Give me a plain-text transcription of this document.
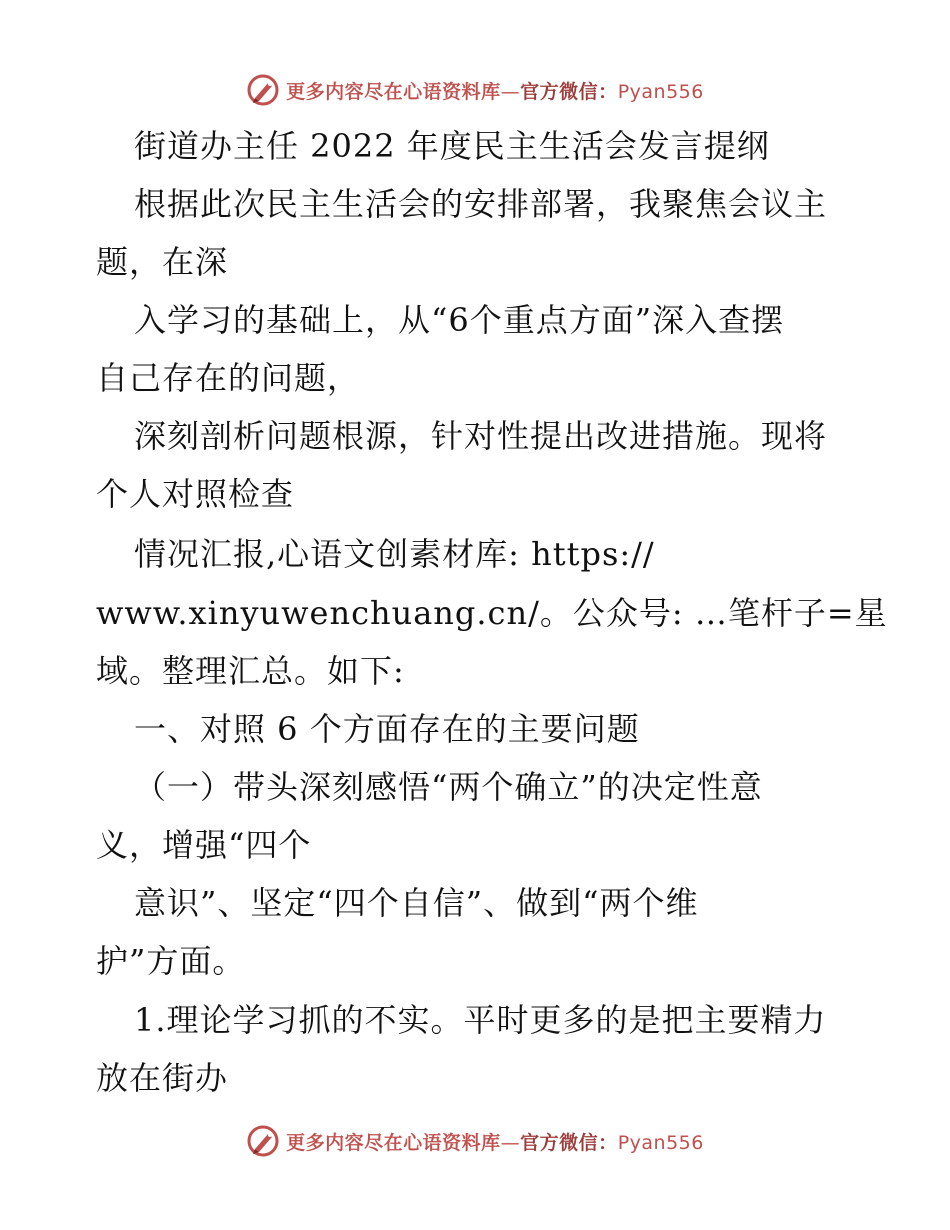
更多内容尽在心语资料库—官方微信：Pyan556
街道办主任 2022 年度民主生活会发言提纲
根据此次民主生活会的安排部署，我聚焦会议主
题，在深
入学习的基础上，从“6个重点方面”深入查摆
自己存在的问题，
深刻剖析问题根源，针对性提出改进措施。现将
个人对照检查
情况汇报,心语文创素材库: https://
www.xinyuwenchuang.cn/。公众号: …笔杆子=星
域。整理汇总。如下:
一、对照 6 个方面存在的主要问题
（一）带头深刻感悟“两个确立”的决定性意
义，增强“四个
意识”、坚定“四个自信”、做到“两个维
护”方面。
1.理论学习抓的不实。平时更多的是把主要精力
放在街办
更多内容尽在心语资料库—官方微信：Pyan556
